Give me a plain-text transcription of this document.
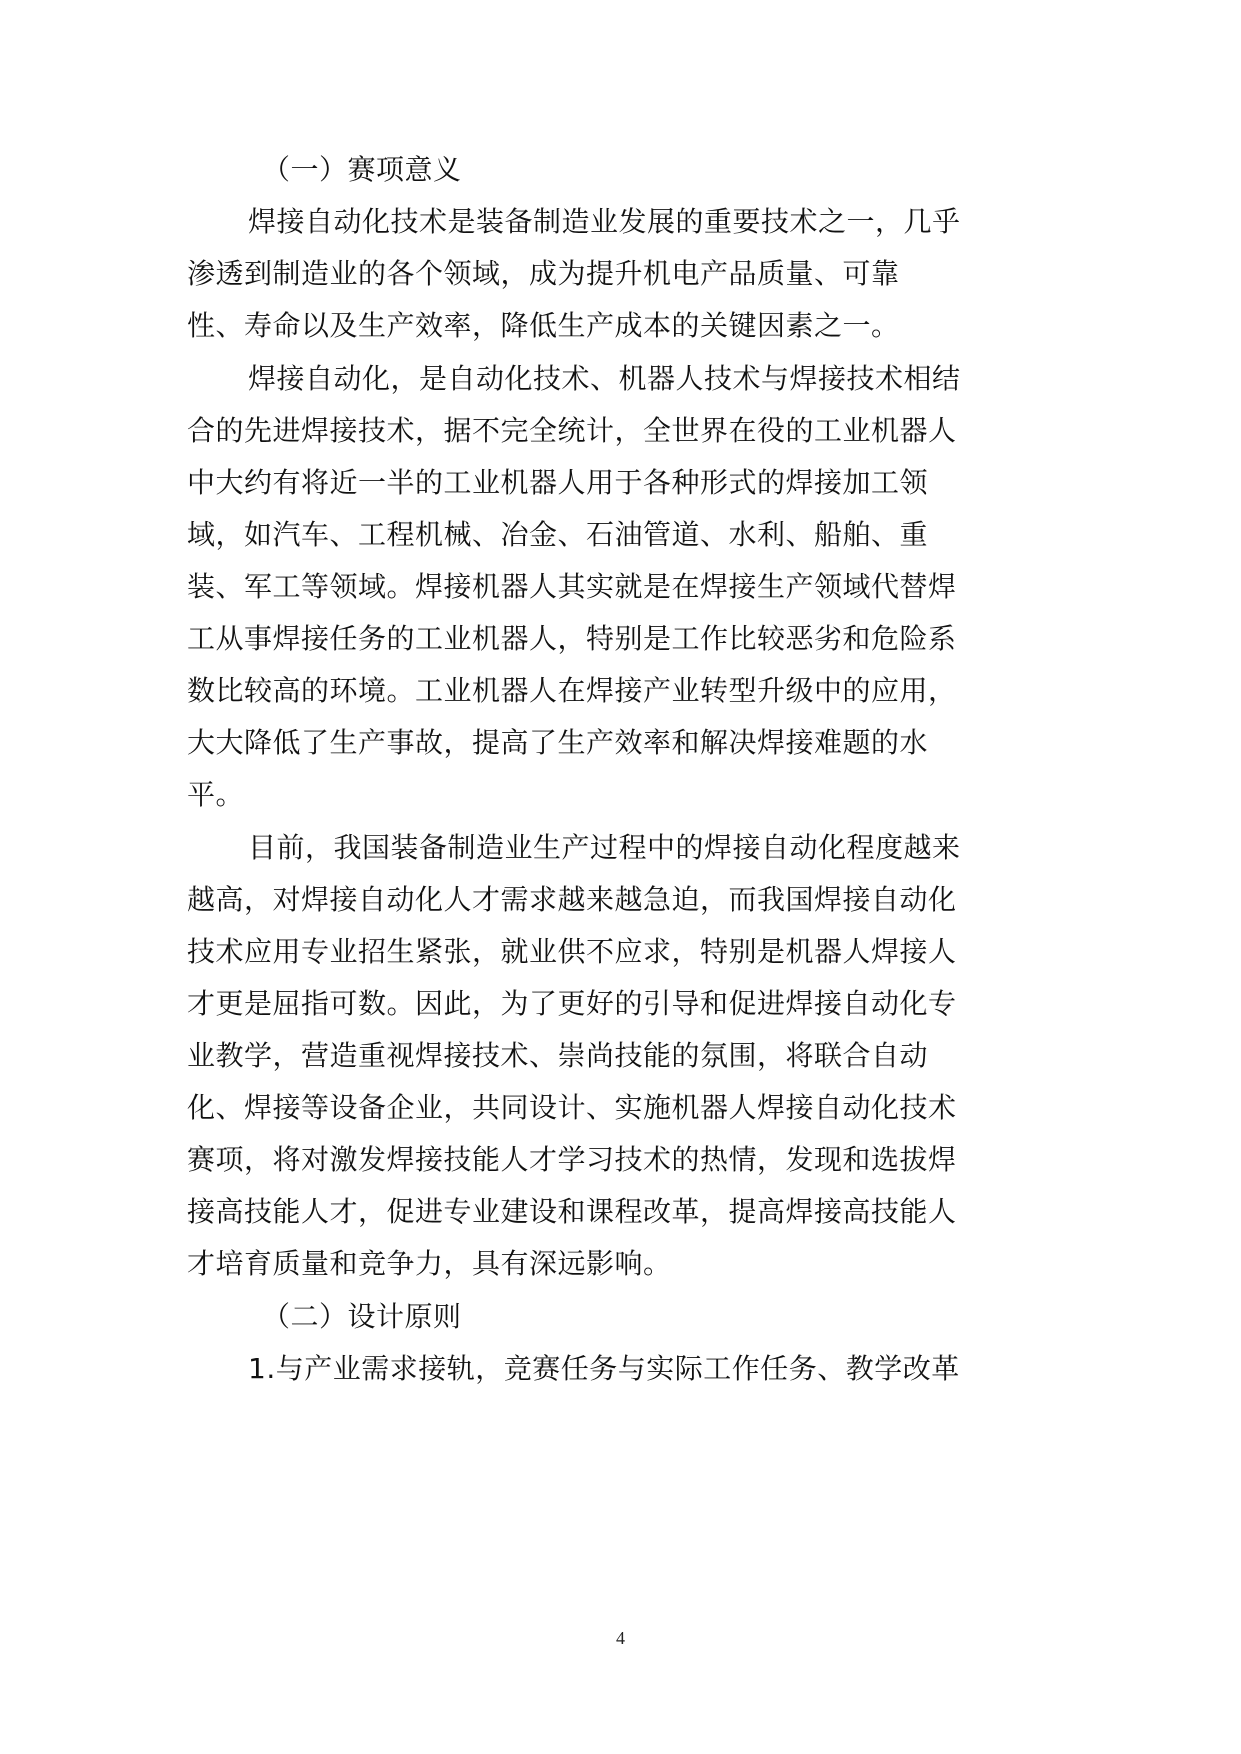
（一）赛项意义
焊接自动化技术是装备制造业发展的重要技术之一，几乎
渗透到制造业的各个领域，成为提升机电产品质量、可靠
性、寿命以及生产效率，降低生产成本的关键因素之一。
焊接自动化，是自动化技术、机器人技术与焊接技术相结
合的先进焊接技术，据不完全统计，全世界在役的工业机器人
中大约有将近一半的工业机器人用于各种形式的焊接加工领
域，如汽车、工程机械、冶金、石油管道、水利、船舶、重
装、军工等领域。焊接机器人其实就是在焊接生产领域代替焊
工从事焊接任务的工业机器人，特别是工作比较恶劣和危险系
数比较高的环境。工业机器人在焊接产业转型升级中的应用，
大大降低了生产事故，提高了生产效率和解决焊接难题的水
平。
目前，我国装备制造业生产过程中的焊接自动化程度越来
越高，对焊接自动化人才需求越来越急迫，而我国焊接自动化
技术应用专业招生紧张，就业供不应求，特别是机器人焊接人
才更是屈指可数。因此，为了更好的引导和促进焊接自动化专
业教学，营造重视焊接技术、崇尚技能的氛围，将联合自动
化、焊接等设备企业，共同设计、实施机器人焊接自动化技术
赛项，将对激发焊接技能人才学习技术的热情，发现和选拔焊
接高技能人才，促进专业建设和课程改革，提高焊接高技能人
才培育质量和竞争力，具有深远影响。
（二）设计原则
1.与产业需求接轨，竞赛任务与实际工作任务、教学改革
4
